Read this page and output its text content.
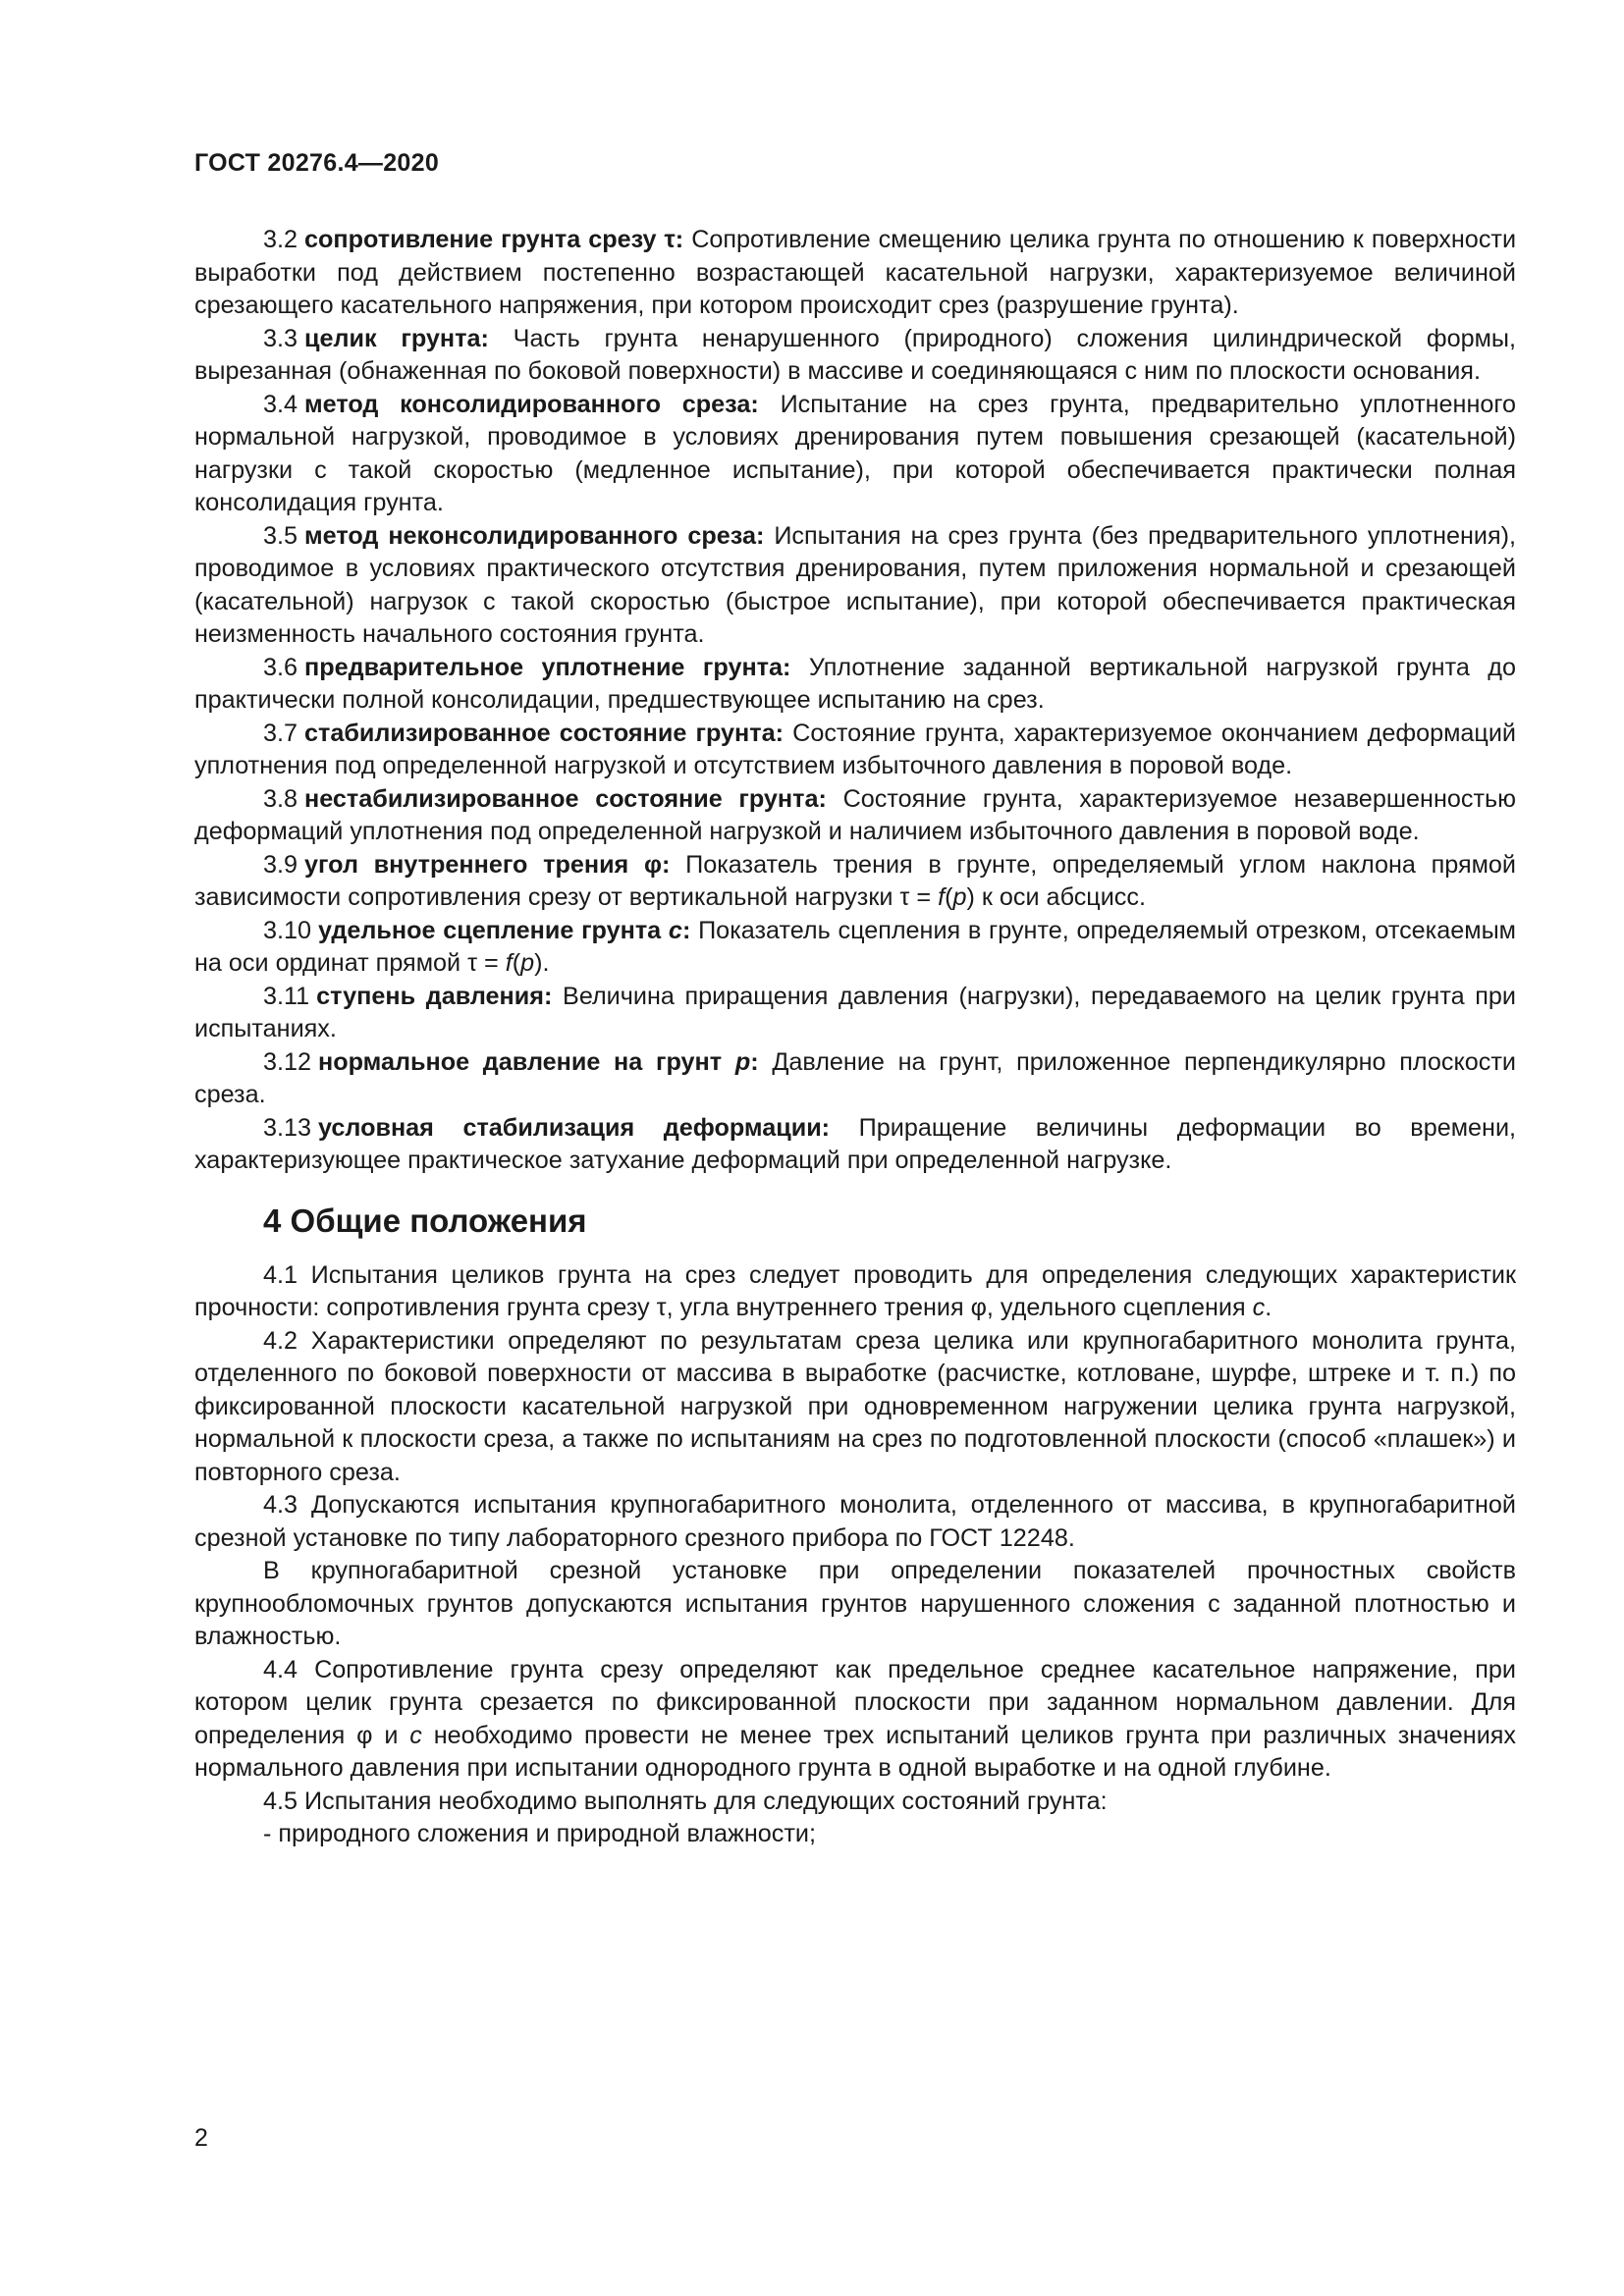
ГОСТ 20276.4—2020

3.2 сопротивление грунта срезу τ: Сопротивление смещению целика грунта по отношению к поверхности выработки под действием постепенно возрастающей касательной нагрузки, характеризуемое величиной срезающего касательного напряжения, при котором происходит срез (разрушение грунта).

3.3 целик грунта: Часть грунта ненарушенного (природного) сложения цилиндрической формы, вырезанная (обнаженная по боковой поверхности) в массиве и соединяющаяся с ним по плоскости основания.

3.4 метод консолидированного среза: Испытание на срез грунта, предварительно уплотненного нормальной нагрузкой, проводимое в условиях дренирования путем повышения срезающей (касательной) нагрузки с такой скоростью (медленное испытание), при которой обеспечивается практически полная консолидация грунта.

3.5 метод неконсолидированного среза: Испытания на срез грунта (без предварительного уплотнения), проводимое в условиях практического отсутствия дренирования, путем приложения нормальной и срезающей (касательной) нагрузок с такой скоростью (быстрое испытание), при которой обеспечивается практическая неизменность начального состояния грунта.

3.6 предварительное уплотнение грунта: Уплотнение заданной вертикальной нагрузкой грунта до практически полной консолидации, предшествующее испытанию на срез.

3.7 стабилизированное состояние грунта: Состояние грунта, характеризуемое окончанием деформаций уплотнения под определенной нагрузкой и отсутствием избыточного давления в поровой воде.

3.8 нестабилизированное состояние грунта: Состояние грунта, характеризуемое незавершенностью деформаций уплотнения под определенной нагрузкой и наличием избыточного давления в поровой воде.

3.9 угол внутреннего трения φ: Показатель трения в грунте, определяемый углом наклона прямой зависимости сопротивления срезу от вертикальной нагрузки τ = f(p) к оси абсцисс.

3.10 удельное сцепление грунта c: Показатель сцепления в грунте, определяемый отрезком, отсекаемым на оси ординат прямой τ = f(p).

3.11 ступень давления: Величина приращения давления (нагрузки), передаваемого на целик грунта при испытаниях.

3.12 нормальное давление на грунт p: Давление на грунт, приложенное перпендикулярно плоскости среза.

3.13 условная стабилизация деформации: Приращение величины деформации во времени, характеризующее практическое затухание деформаций при определенной нагрузке.

4 Общие положения

4.1 Испытания целиков грунта на срез следует проводить для определения следующих характеристик прочности: сопротивления грунта срезу τ, угла внутреннего трения φ, удельного сцепления c.

4.2 Характеристики определяют по результатам среза целика или крупногабаритного монолита грунта, отделенного по боковой поверхности от массива в выработке (расчистке, котловане, шурфе, штреке и т. п.) по фиксированной плоскости касательной нагрузкой при одновременном нагружении целика грунта нагрузкой, нормальной к плоскости среза, а также по испытаниям на срез по подготовленной плоскости (способ «плашек») и повторного среза.

4.3 Допускаются испытания крупногабаритного монолита, отделенного от массива, в крупногабаритной срезной установке по типу лабораторного срезного прибора по ГОСТ 12248.

В крупногабаритной срезной установке при определении показателей прочностных свойств крупнообломочных грунтов допускаются испытания грунтов нарушенного сложения с заданной плотностью и влажностью.

4.4 Сопротивление грунта срезу определяют как предельное среднее касательное напряжение, при котором целик грунта срезается по фиксированной плоскости при заданном нормальном давлении. Для определения φ и c необходимо провести не менее трех испытаний целиков грунта при различных значениях нормального давления при испытании однородного грунта в одной выработке и на одной глубине.

4.5 Испытания необходимо выполнять для следующих состояний грунта:

- природного сложения и природной влажности;

2
